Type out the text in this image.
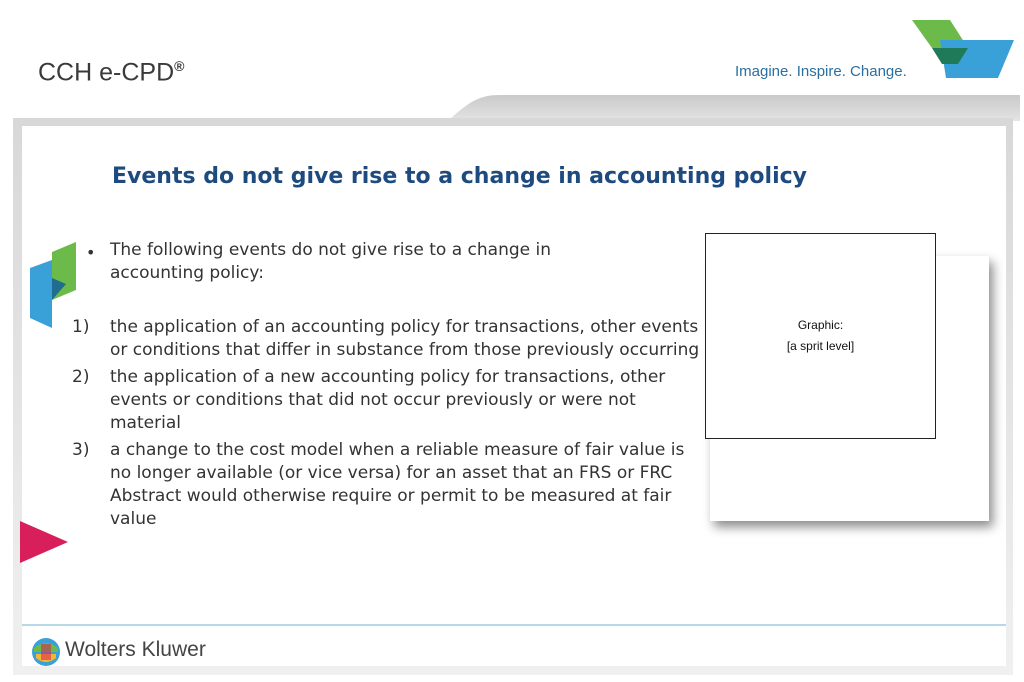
CCH e-CPD®	Imagine. Inspire. Change.
Events do not give rise to a change in accounting policy
• The following events do not give rise to a change in accounting policy:
1)	the application of an accounting policy for transactions, other events or conditions that differ in substance from those previously occurring
2)	the application of a new accounting policy for transactions, other events or conditions that did not occur previously or were not material
3)	a change to the cost model when a reliable measure of fair value is no longer available (or vice versa) for an asset that an FRS or FRC Abstract would otherwise require or permit to be measured at fair value
Graphic:
[a sprit level]
Wolters Kluwer
